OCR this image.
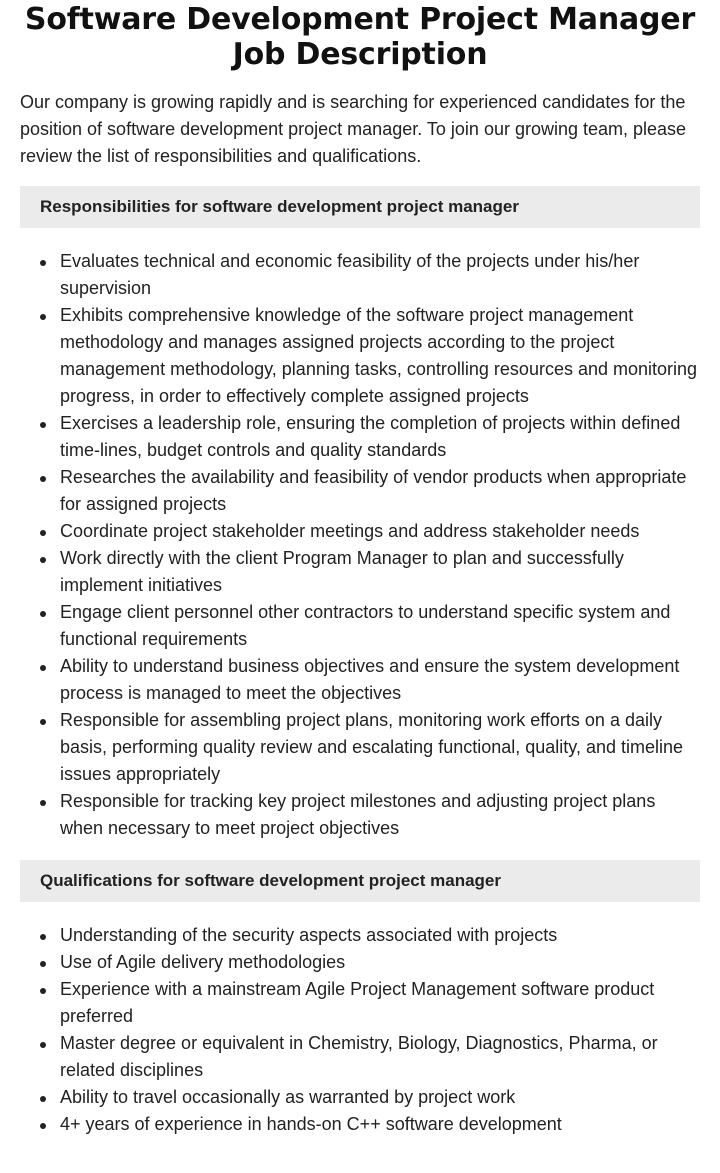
Software Development Project Manager Job Description

Our company is growing rapidly and is searching for experienced candidates for the position of software development project manager. To join our growing team, please review the list of responsibilities and qualifications.

Responsibilities for software development project manager
Evaluates technical and economic feasibility of the projects under his/her supervision
Exhibits comprehensive knowledge of the software project management methodology and manages assigned projects according to the project management methodology, planning tasks, controlling resources and monitoring progress, in order to effectively complete assigned projects
Exercises a leadership role, ensuring the completion of projects within defined time-lines, budget controls and quality standards
Researches the availability and feasibility of vendor products when appropriate for assigned projects
Coordinate project stakeholder meetings and address stakeholder needs
Work directly with the client Program Manager to plan and successfully implement initiatives
Engage client personnel other contractors to understand specific system and functional requirements
Ability to understand business objectives and ensure the system development process is managed to meet the objectives
Responsible for assembling project plans, monitoring work efforts on a daily basis, performing quality review and escalating functional, quality, and timeline issues appropriately
Responsible for tracking key project milestones and adjusting project plans when necessary to meet project objectives
Qualifications for software development project manager
Understanding of the security aspects associated with projects
Use of Agile delivery methodologies
Experience with a mainstream Agile Project Management software product preferred
Master degree or equivalent in Chemistry, Biology, Diagnostics, Pharma, or related disciplines
Ability to travel occasionally as warranted by project work
4+ years of experience in hands-on C++ software development
